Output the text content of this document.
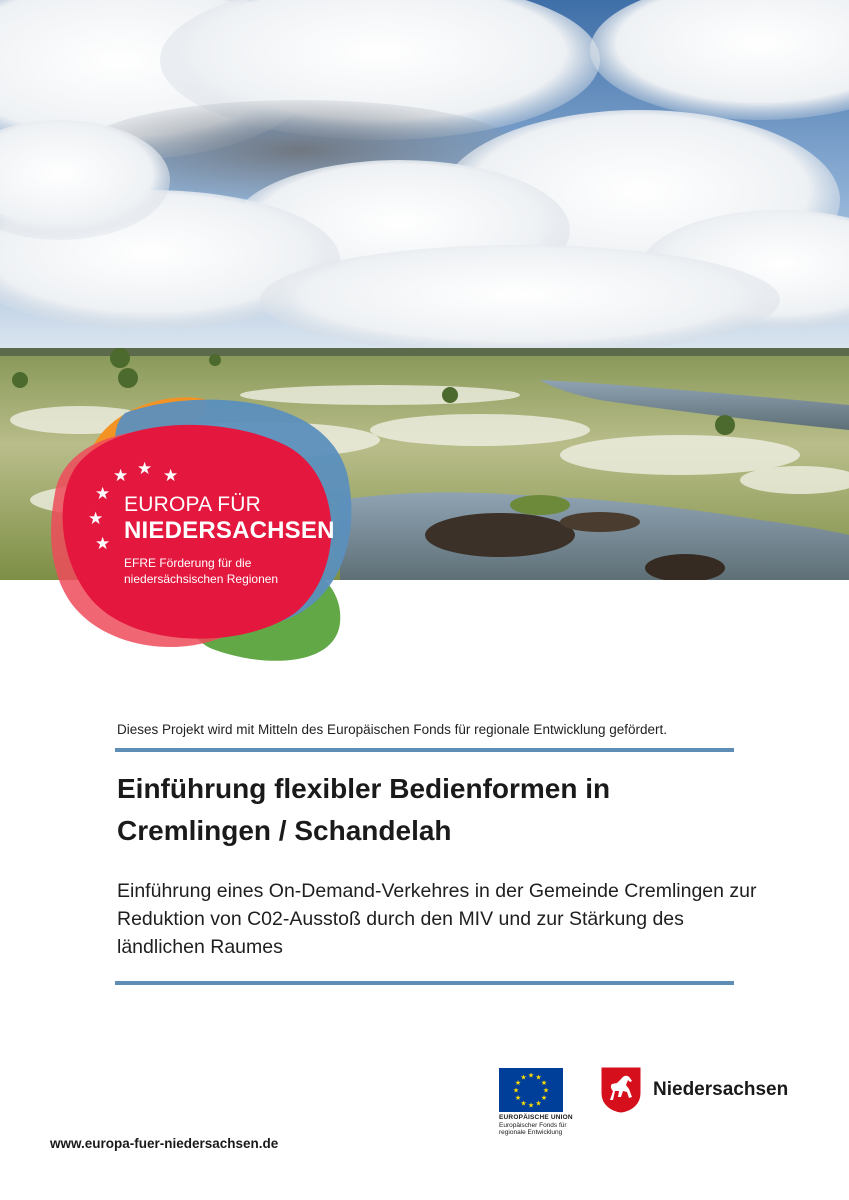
★ ★ ★
★
★
★
EUROPA FÜR
NIEDERSACHSEN
EFRE Förderung für die niedersächsischen Regionen
Dieses Projekt wird mit Mitteln des Europäischen Fonds für regionale Entwicklung gefördert.
Einführung flexibler Bedienformen in Cremlingen / Schandelah

Einführung eines On-Demand-Verkehres in der Gemeinde Cremlingen zur Reduktion von C02-Ausstoß durch den MIV und zur Stärkung des ländlichen Raumes

★ ★
★
★
★
★
★
★
★
★
★
★
EUROPÄISCHE UNION
Europäischer Fonds für
regionale Entwicklung
Niedersachsen
www.europa-fuer-niedersachsen.de
